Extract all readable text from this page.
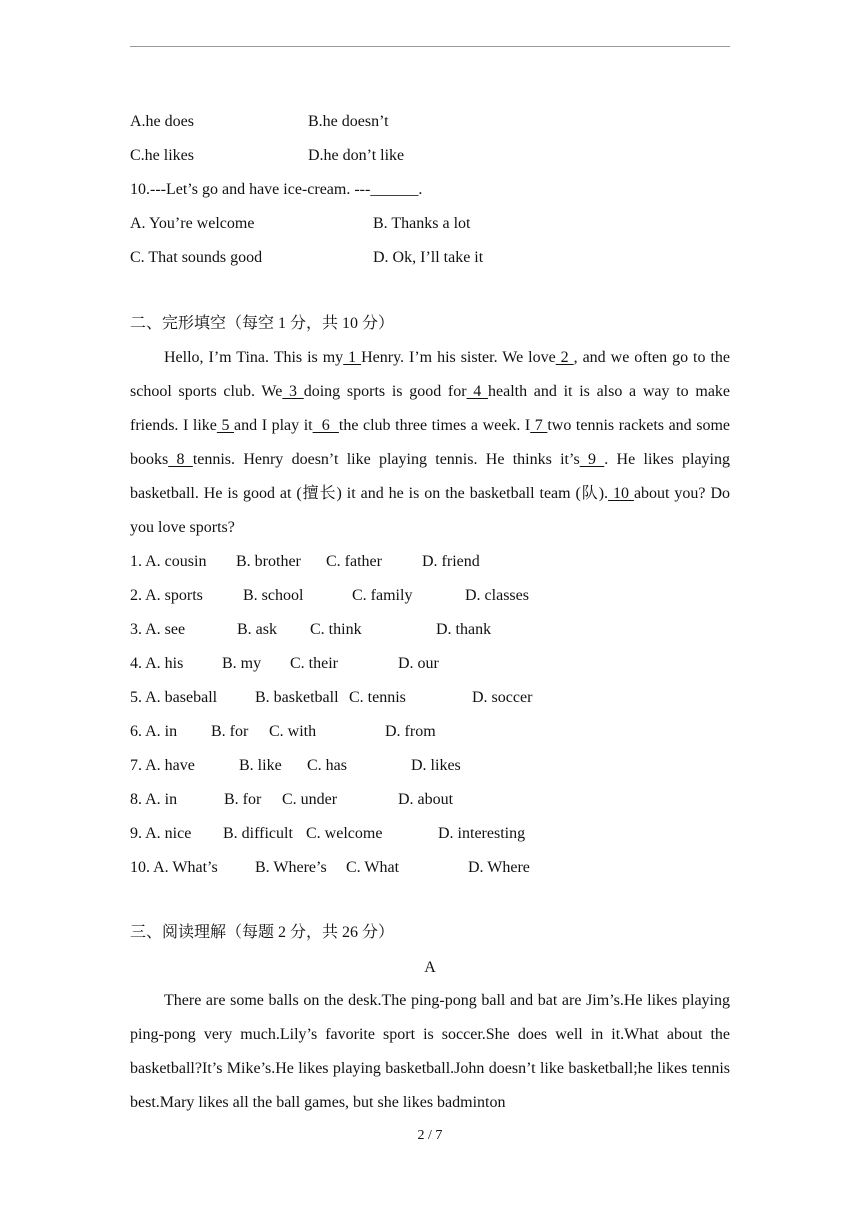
A.he does	B.he doesn’t
C.he likes	D.he don’t like
10.---Let’s go and have ice-cream. ---______.
A. You’re welcome	B. Thanks a lot
C. That sounds good	D. Ok, I’ll take it
二、完形填空（每空 1 分，共 10 分）
Hello, I’m Tina. This is my 1 Henry. I’m his sister. We love 2 , and we often go to the school sports club. We 3 doing sports is good for 4 health and it is also a way to make friends. I like 5 and I play it  6  the club three times a week. I 7 two tennis rackets and some books 8 tennis. Henry doesn’t like playing tennis. He thinks it’s 9 . He likes playing basketball. He is good at (擅长) it and he is on the basketball team (队). 10 about you? Do you love sports?
1. A. cousin B. brother C. father	D. friend
2. A. sports	B. school	C. family	D. classes
3. A. see	B. ask C. think	D. thank
4. A. his B. my C. their	D. our
5. A. baseball B. basketball C. tennis	D. soccer
6. A. in B. for C. with	D. from
7. A. have	B. like C. has	D. likes
8. A. in	B. for C. under	D. about
9. A. nice B. difficult C. welcome	D. interesting
10. A. What’s B. Where’s C. What	D. Where
三、阅读理解（每题 2 分，共 26 分）
A
There are some balls on the desk.The ping-pong ball and bat are Jim’s.He likes playing ping-pong very much.Lily’s favorite sport is soccer.She does well in it.What about the basketball?It’s Mike’s.He likes playing basketball.John doesn’t like basketball;he likes tennis best.Mary likes all the ball games, but she likes badminton
2 / 7
